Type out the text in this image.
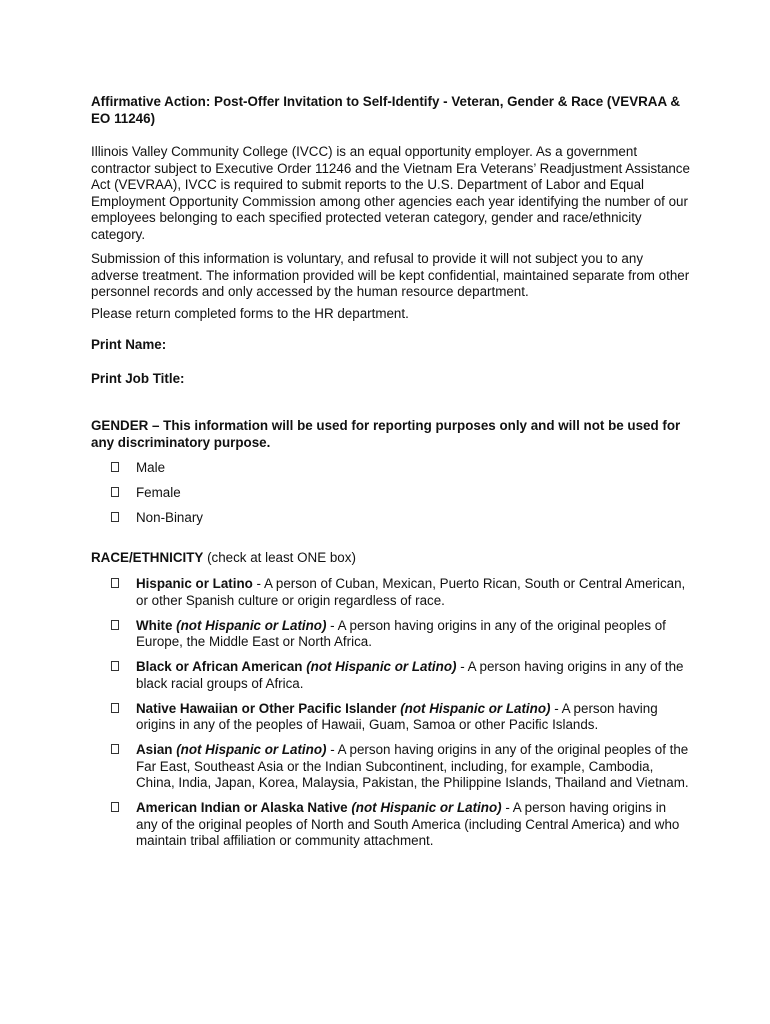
Affirmative Action: Post-Offer Invitation to Self-Identify - Veteran, Gender & Race (VEVRAA & EO 11246)

Illinois Valley Community College (IVCC) is an equal opportunity employer. As a government contractor subject to Executive Order 11246 and the Vietnam Era Veterans’ Readjustment Assistance Act (VEVRAA), IVCC is required to submit reports to the U.S. Department of Labor and Equal Employment Opportunity Commission among other agencies each year identifying the number of our employees belonging to each specified protected veteran category, gender and race/ethnicity category.

Submission of this information is voluntary, and refusal to provide it will not subject you to any adverse treatment. The information provided will be kept confidential, maintained separate from other personnel records and only accessed by the human resource department.

Please return completed forms to the HR department.

Print Name:

Print Job Title:

GENDER – This information will be used for reporting purposes only and will not be used for any discriminatory purpose.

Male
Female
Non-Binary

RACE/ETHNICITY (check at least ONE box)

Hispanic or Latino - A person of Cuban, Mexican, Puerto Rican, South or Central American, or other Spanish culture or origin regardless of race.
White (not Hispanic or Latino) - A person having origins in any of the original peoples of Europe, the Middle East or North Africa.
Black or African American (not Hispanic or Latino) - A person having origins in any of the black racial groups of Africa.
Native Hawaiian or Other Pacific Islander (not Hispanic or Latino) - A person having origins in any of the peoples of Hawaii, Guam, Samoa or other Pacific Islands.
Asian (not Hispanic or Latino) - A person having origins in any of the original peoples of the Far East, Southeast Asia or the Indian Subcontinent, including, for example, Cambodia, China, India, Japan, Korea, Malaysia, Pakistan, the Philippine Islands, Thailand and Vietnam.
American Indian or Alaska Native (not Hispanic or Latino) - A person having origins in any of the original peoples of North and South America (including Central America) and who maintain tribal affiliation or community attachment.
